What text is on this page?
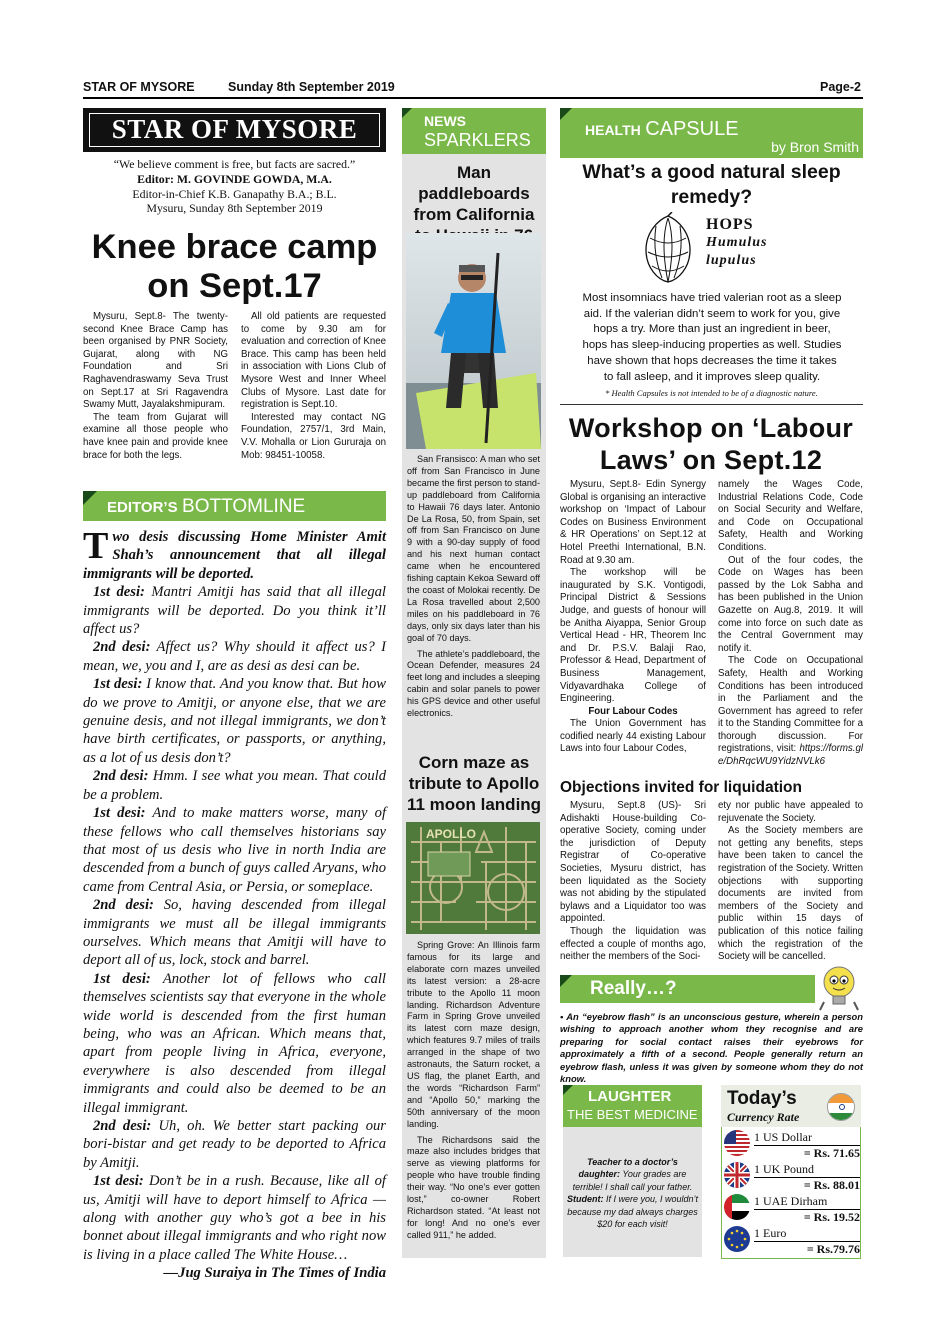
STAR OF MYSORE	Sunday 8th September 2019	Page-2
STAR OF MYSORE
“We believe comment is free, but facts are sacred.”
Editor: M. GOVINDE GOWDA, M.A.
Editor-in-Chief K.B. Ganapathy B.A.; B.L.
Mysuru, Sunday 8th September 2019
Knee brace camp
on Sept.17

Mysuru, Sept.8- The twenty-second Knee Brace Camp has been organised by PNR Society, Gujarat, along with NG Foundation and Sri Raghavendraswamy Seva Trust on Sept.17 at Sri Ragavendra Swamy Mutt, Jayalakshmipuram.

The team from Gujarat will examine all those people who have knee pain and provide knee brace for both the legs.

All old patients are requested to come by 9.30 am for evaluation and correction of Knee Brace. This camp has been held in association with Lions Club of Mysore West and Inner Wheel Clubs of Mysore. Last date for registration is Sept.10.

Interested may contact NG Foundation, 2757/1, 3rd Main, V.V. Mohalla or Lion Gururaja on Mob: 98451-10058.

EDITOR’S BOTTOMLINE

Two desis discussing Home Minister Amit Shah’s announcement that all illegal immigrants will be deported.

1st desi: Mantri Amitji has said that all illegal immigrants will be deported. Do you think it’ll affect us?

2nd desi: Affect us? Why should it affect us? I mean, we, you and I, are as desi as desi can be.

1st desi: I know that. And you know that. But how do we prove to Amitji, or anyone else, that we are genuine desis, and not illegal immigrants, we don’t have birth certificates, or passports, or anything, as a lot of us desis don’t?

2nd desi: Hmm. I see what you mean. That could be a problem.

1st desi: And to make matters worse, many of these fellows who call themselves historians say that most of us desis who live in north India are descended from a bunch of guys called Aryans, who came from Central Asia, or Persia, or someplace.

2nd desi: So, having descended from illegal immigrants we must all be illegal immigrants ourselves. Which means that Amitji will have to deport all of us, lock, stock and barrel.

1st desi: Another lot of fellows who call themselves scientists say that everyone in the whole wide world is descended from the first human being, who was an African. Which means that, apart from people living in Africa, everyone, everywhere is also descended from illegal immigrants and could also be deemed to be an illegal immigrant.

2nd desi: Uh, oh. We better start packing our bori-bistar and get ready to be deported to Africa by Amitji.

1st desi: Don’t be in a rush. Because, like all of us, Amitji will have to deport himself to Africa — along with another guy who’s got a bee in his bonnet about illegal immigrants and who right now is living in a place called The White House…

—Jug Suraiya in The Times of India
NEWS
SPARKLERS
Man paddleboards from California

San Fransisco: A man who set off from San Francisco in June became the first person to stand-up paddleboard from California to Hawaii 76 days later. Antonio De La Rosa, 50, from Spain, set off from San Francisco on June 9 with a 90-day supply of food and his next human contact came when he encountered fishing captain Kekoa Seward off the coast of Molokai recently. De La Rosa travelled about 2,500 miles on his paddleboard in 76 days, only six days later than his goal of 70 days.

The athlete’s paddleboard, the Ocean Defender, measures 24 feet long and includes a sleeping cabin and solar panels to power his GPS device and other useful electronics.

Corn maze as tribute to Apollo 11 moon landing
APOLLO

Spring Grove: An Illinois farm famous for its large and elaborate corn mazes unveiled its latest version: a 28-acre tribute to the Apollo 11 moon landing. Richardson Adventure Farm in Spring Grove unveiled its latest corn maze design, which features 9.7 miles of trails arranged in the shape of two astronauts, the Saturn rocket, a US flag, the planet Earth, and the words “Richardson Farm” and “Apollo 50,” marking the 50th anniversary of the moon landing.

The Richardsons said the maze also includes bridges that serve as viewing platforms for people who have trouble finding their way. “No one’s ever gotten lost,” co-owner Robert Richardson stated. “At least not for long! And no one’s ever called 911,” he added.

HEALTH CAPSULE
by Bron Smith
What’s a good natural sleep remedy?
HOPS
Humulus
lupulus
Most insomniacs have tried valerian root as a sleep aid. If the valerian didn’t seem to work for you, give hops a try. More than just an ingredient in beer, hops has sleep-inducing properties as well. Studies have shown that hops decreases the time it takes to fall asleep, and it improves sleep quality.
* Health Capsules is not intended to be of a diagnostic nature.
Workshop on ‘Labour
Laws’ on Sept.12

Mysuru, Sept.8- Edin Synergy Global is organising an interactive workshop on ‘Impact of Labour Codes on Business Environment & HR Operations’ on Sept.12 at Hotel Preethi International, B.N. Road at 9.30 am.

The workshop will be inaugurated by S.K. Vontigodi, Principal District & Sessions Judge, and guests of honour will be Anitha Aiyappa, Senior Group Vertical Head - HR, Theorem Inc and Dr. P.S.V. Balaji Rao, Professor & Head, Department of Business Management, Vidyavardhaka College of Engineering.

Four Labour Codes

The Union Government has codified nearly 44 existing Labour Laws into four Labour Codes,

namely the Wages Code, Industrial Relations Code, Code on Social Security and Welfare, and Code on Occupational Safety, Health and Working Conditions.

Out of the four codes, the Code on Wages has been passed by the Lok Sabha and has been published in the Union Gazette on Aug.8, 2019. It will come into force on such date as the Central Government may notify it.

The Code on Occupational Safety, Health and Working Conditions has been introduced in the Parliament and the Government has agreed to refer it to the Standing Committee for a thorough discussion. For registrations, visit: https://forms.gle/DhRqcWU9YidzNVLk6

Objections invited for liquidation

Mysuru, Sept.8 (US)- Sri Adishakti House-building Co-operative Society, coming under the jurisdiction of Deputy Registrar of Co-operative Societies, Mysuru district, has been liquidated as the Society was not abiding by the stipulated bylaws and a Liquidator too was appointed.

Though the liquidation was effected a couple of months ago, neither the members of the Soci-

ety nor public have appealed to rejuvenate the Society.

As the Society members are not getting any benefits, steps have been taken to cancel the registration of the Society. Written objections with supporting documents are invited from members of the Society and public within 15 days of publication of this notice failing which the registration of the Society will be cancelled.

Really…?
• An “eyebrow flash” is an unconscious gesture, wherein a person wishing to approach another whom they recognise and are preparing for social contact raises their eyebrows for approximately a fifth of a second. People generally return an eyebrow flash, unless it was given by someone whom they do not know.
LAUGHTER
THE BEST MEDICINE
Teacher to a doctor’s daughter: Your grades are terrible! I shall call your father.
Student: If I were you, I wouldn’t because my dad always charges $20 for each visit!
Today’s
Currency Rate
1 US Dollar
= Rs. 71.65
1 UK Pound
= Rs. 88.01
1 UAE Dirham
= Rs. 19.52
1 Euro
= Rs.79.76
